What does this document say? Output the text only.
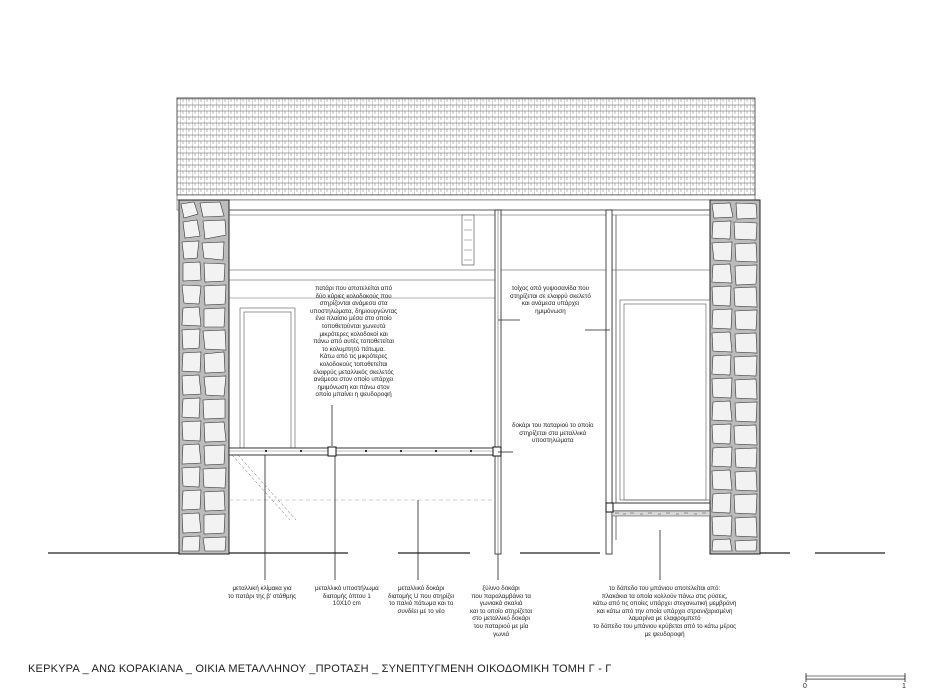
πατάρι που αποτελείται από
δύο κύριες κολοδοκούς που
στηρίζονται ανάμεσα στα
υποστηλώματα, δημιουργώντας
ένα πλαίσιο μέσα στο οποίο
τοποθετούνται χωνευτά
μικρότερες κολοδοκοί και
πάνω από αυτές τοποθετείται
το κολυμπητό πάτωμα.
Κάτω από τις μικρότερες
κολοδοκούς τοποθετείται
ελαφρύς μεταλλικός σκελετός
ανάμεσα στον οποίο υπάρχει
ημιμόνωση και πάνω στον
οποίο μπαίνει η ψευδοροφή
τοίχος από γυψοσανίδα που
στηρίζεται σε ελαφρύ σκελετό
και ανάμεσα υπάρχει
ημιμόνωση
δοκάρι του παταριού το οποίο
στηρίζεται στα μεταλλικά
υποστηλώματα
μεταλλική κλίμακα για
το πατάρι της β' στάθμης
μεταλλικό υποστήλωμα
διατομής όπτου 1
10Χ10 cm
μεταλλικό δοκάρι
διατομής U που στηρίζει
το παλιό πάτωμα και το
συνδέει με το νέο
ξύλινο δοκάρι
που παραλαμβάνει τα
γωνιακά σκαλιά
και το οποίο στηρίζεται
στο μεταλλικό δοκάρι
του παταριού με μία
γωνιά
το δάπεδο του μπάνιου αποτελείται από:
πλακάκια τα οποία κολλούν πάνω στις ρύσεις,
κάτω από τις οποίες υπάρχει στεγανωτική μεμβράνη
και κάτω από την οποία υπάρχει στρανιζαρισμένη
λαμαρίνα με ελαφρομπετό
το δάπεδο του μπάνιου κρύβεται από το κάτω μέρος
με ψευδοροφή
ΚΕΡΚΥΡΑ _ ΑΝΩ ΚΟΡΑΚΙΑΝΑ _ ΟΙΚΙΑ ΜΕΤΑΛΛΗΝΟΥ _ΠΡΟΤΑΣΗ _ ΣΥΝΕΠΤΥΓΜΕΝΗ ΟΙΚΟΔΟΜΙΚΗ ΤΟΜΗ Γ - Γ
0	1
